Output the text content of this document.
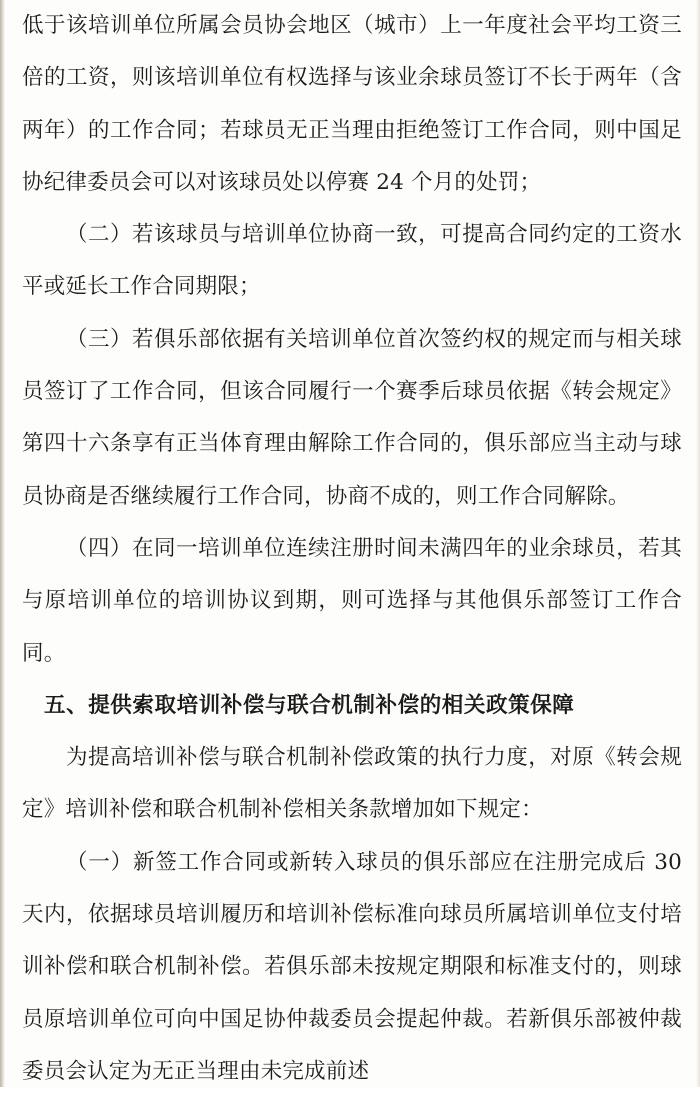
低于该培训单位所属会员协会地区（城市）上一年度社会平均工资三倍的工资，则该培训单位有权选择与该业余球员签订不长于两年（含两年）的工作合同；若球员无正当理由拒绝签订工作合同，则中国足协纪律委员会可以对该球员处以停赛 24 个月的处罚；

（二）若该球员与培训单位协商一致，可提高合同约定的工资水平或延长工作合同期限；

（三）若俱乐部依据有关培训单位首次签约权的规定而与相关球员签订了工作合同，但该合同履行一个赛季后球员依据《转会规定》第四十六条享有正当体育理由解除工作合同的，俱乐部应当主动与球员协商是否继续履行工作合同，协商不成的，则工作合同解除。

（四）在同一培训单位连续注册时间未满四年的业余球员，若其与原培训单位的培训协议到期，则可选择与其他俱乐部签订工作合同。

五、提供索取培训补偿与联合机制补偿的相关政策保障

为提高培训补偿与联合机制补偿政策的执行力度，对原《转会规定》培训补偿和联合机制补偿相关条款增加如下规定：

（一）新签工作合同或新转入球员的俱乐部应在注册完成后 30 天内，依据球员培训履历和培训补偿标准向球员所属培训单位支付培训补偿和联合机制补偿。若俱乐部未按规定期限和标准支付的，则球员原培训单位可向中国足协仲裁委员会提起仲裁。若新俱乐部被仲裁委员会认定为无正当理由未完成前述
